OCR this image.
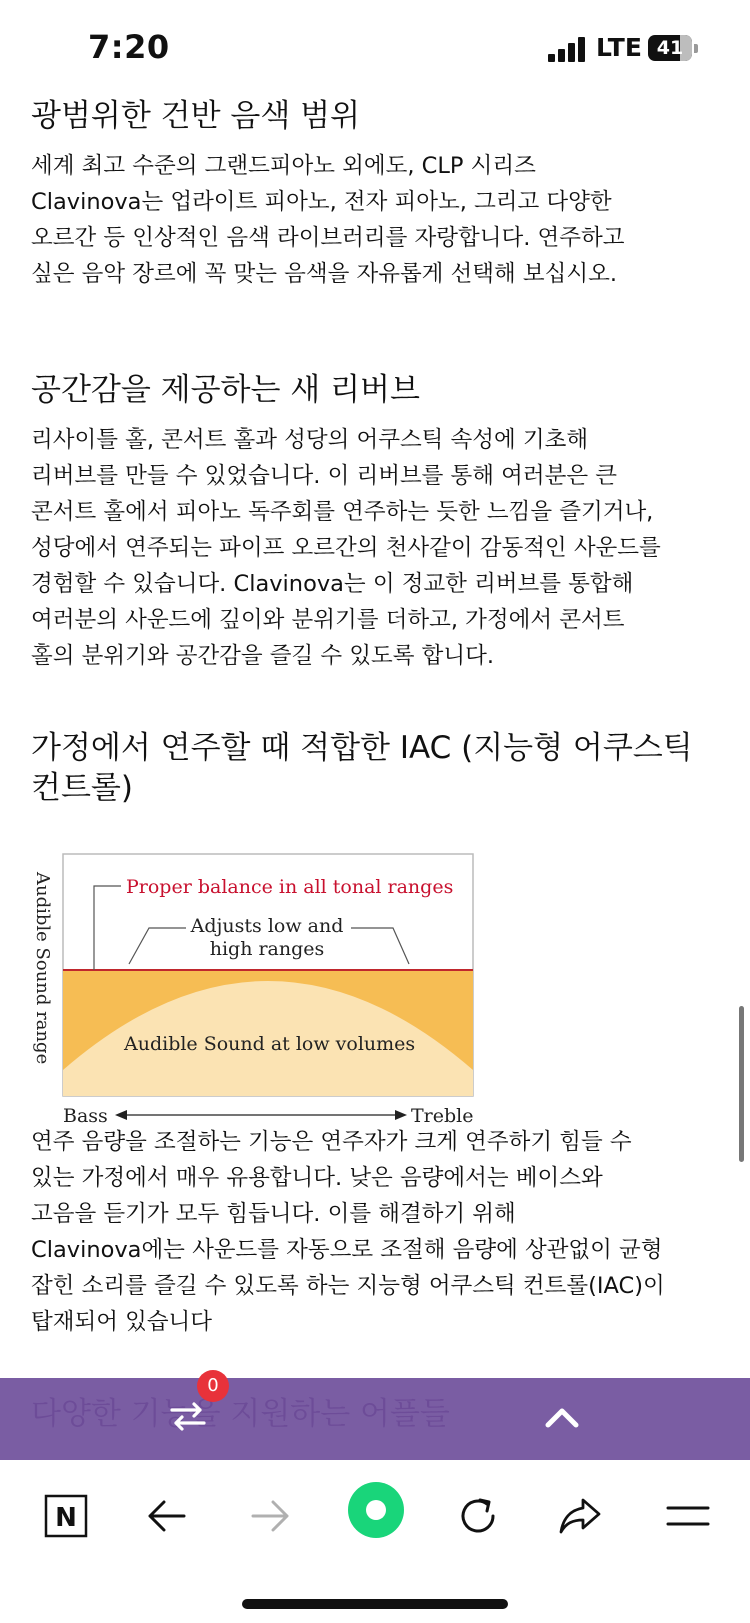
7:20	LTE 41
광범위한 건반 음색 범위

세계 최고 수준의 그랜드피아노 외에도, CLP 시리즈
Clavinova는 업라이트 피아노, 전자 피아노, 그리고 다양한
오르간 등 인상적인 음색 라이브러리를 자랑합니다. 연주하고
싶은 음악 장르에 꼭 맞는 음색을 자유롭게 선택해 보십시오.

공간감을 제공하는 새 리버브

리사이틀 홀, 콘서트 홀과 성당의 어쿠스틱 속성에 기초해
리버브를 만들 수 있었습니다. 이 리버브를 통해 여러분은 큰
콘서트 홀에서 피아노 독주회를 연주하는 듯한 느낌을 즐기거나,
성당에서 연주되는 파이프 오르간의 천사같이 감동적인 사운드를
경험할 수 있습니다. Clavinova는 이 정교한 리버브를 통합해
여러분의 사운드에 깊이와 분위기를 더하고, 가정에서 콘서트
홀의 분위기와 공간감을 즐길 수 있도록 합니다.

가정에서 연주할 때 적합한 IAC (지능형 어쿠스틱 컨트롤)
Proper balance in all tonal ranges
Adjusts low and
high ranges
Audible Sound at low volumes
Audible Sound range
Bass	Treble

연주 음량을 조절하는 기능은 연주자가 크게 연주하기 힘들 수
있는 가정에서 매우 유용합니다. 낮은 음량에서는 베이스와
고음을 듣기가 모두 힘듭니다. 이를 해결하기 위해
Clavinova에는 사운드를 자동으로 조절해 음량에 상관없이 균형
잡힌 소리를 즐길 수 있도록 하는 지능형 어쿠스틱 컨트롤(IAC)이
탑재되어 있습니다

0
N
